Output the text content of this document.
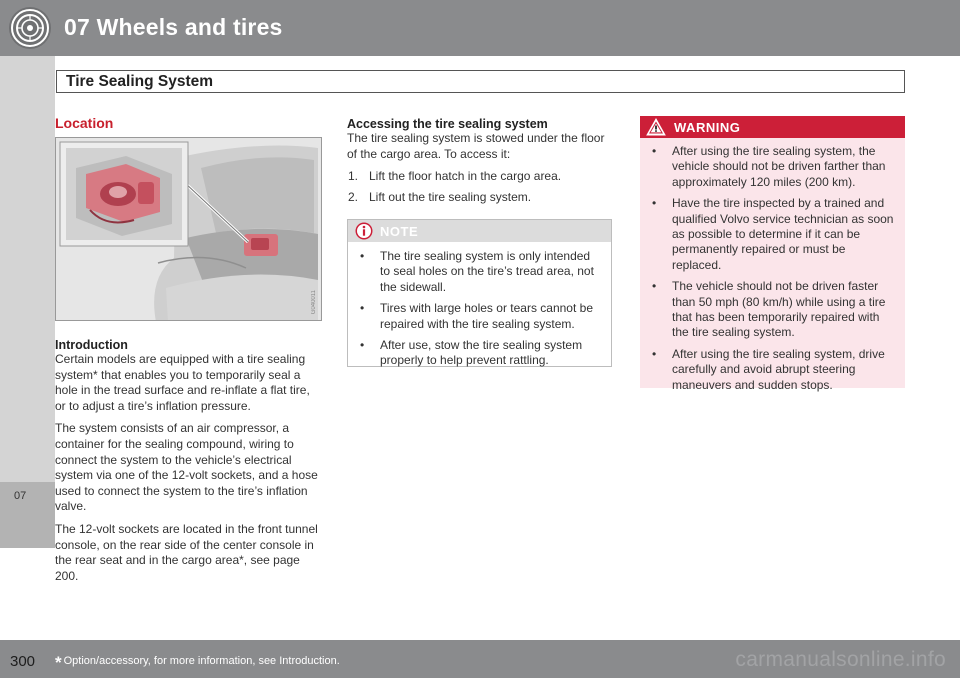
07 Wheels and tires
Tire Sealing System
07
Location
G040011
Introduction

Certain models are equipped with a tire sealing system* that enables you to temporarily seal a hole in the tread surface and re-inflate a flat tire, or to adjust a tire’s inflation pressure.

The system consists of an air compressor, a container for the sealing compound, wiring to connect the system to the vehicle’s electrical system via one of the 12-volt sockets, and a hose used to connect the system to the tire’s inflation valve.

The 12-volt sockets are located in the front tunnel console, on the rear side of the center console in the rear seat and in the cargo area*, see page 200.

Accessing the tire sealing system

The tire sealing system is stowed under the floor of the cargo area. To access it:

1. Lift the floor hatch in the cargo area.
2. Lift out the tire sealing system.
NOTE
• The tire sealing system is only intended to seal holes on the tire’s tread area, not the sidewall.
• Tires with large holes or tears cannot be repaired with the tire sealing system.
• After use, stow the tire sealing system properly to help prevent rattling.
WARNING
• After using the tire sealing system, the vehicle should not be driven farther than approximately 120 miles (200 km).
• Have the tire inspected by a trained and qualified Volvo service technician as soon as possible to determine if it can be permanently repaired or must be replaced.
• The vehicle should not be driven faster than 50 mph (80 km/h) while using a tire that has been temporarily repaired with the tire sealing system.
• After using the tire sealing system, drive carefully and avoid abrupt steering maneuvers and sudden stops.
300 * Option/accessory, for more information, see Introduction.	carmanualsonline.info
